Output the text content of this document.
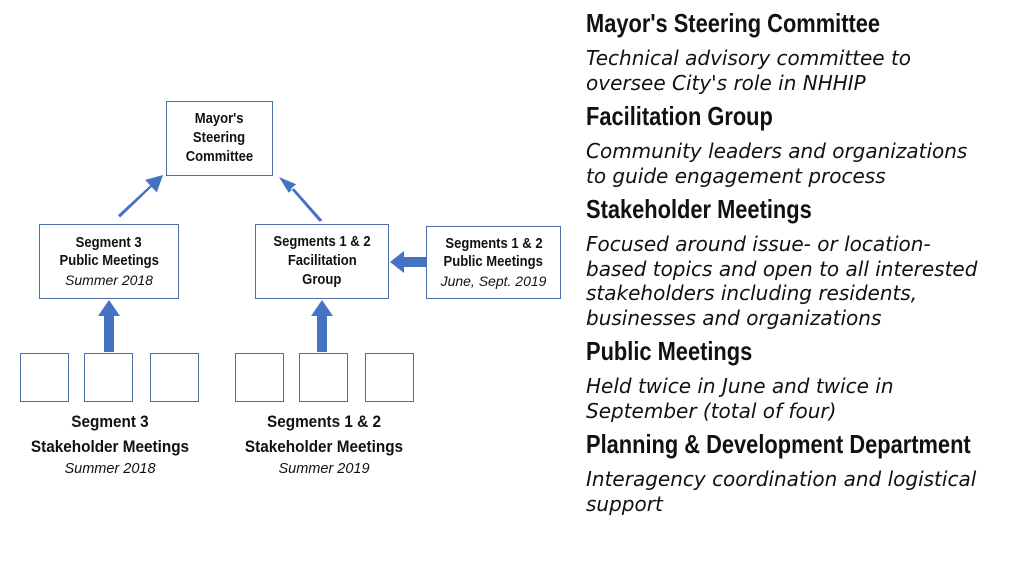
Mayor's
Steering
Committee
Segment 3
Public Meetings
Summer 2018
Segments 1 & 2
Facilitation
Group
Segments 1 & 2
Public Meetings
June, Sept. 2019
Segment 3
Stakeholder Meetings
Summer 2018
Segments 1 & 2
Stakeholder Meetings
Summer 2019
Mayor's Steering Committee
Technical advisory committee to
oversee City's role in NHHIP
Facilitation Group
Community leaders and organizations
to guide engagement process
Stakeholder Meetings
Focused around issue- or location-
based topics and open to all interested
stakeholders including residents,
businesses and organizations
Public Meetings
Held twice in June and twice in
September (total of four)
Planning & Development Department
Interagency coordination and logistical
support
